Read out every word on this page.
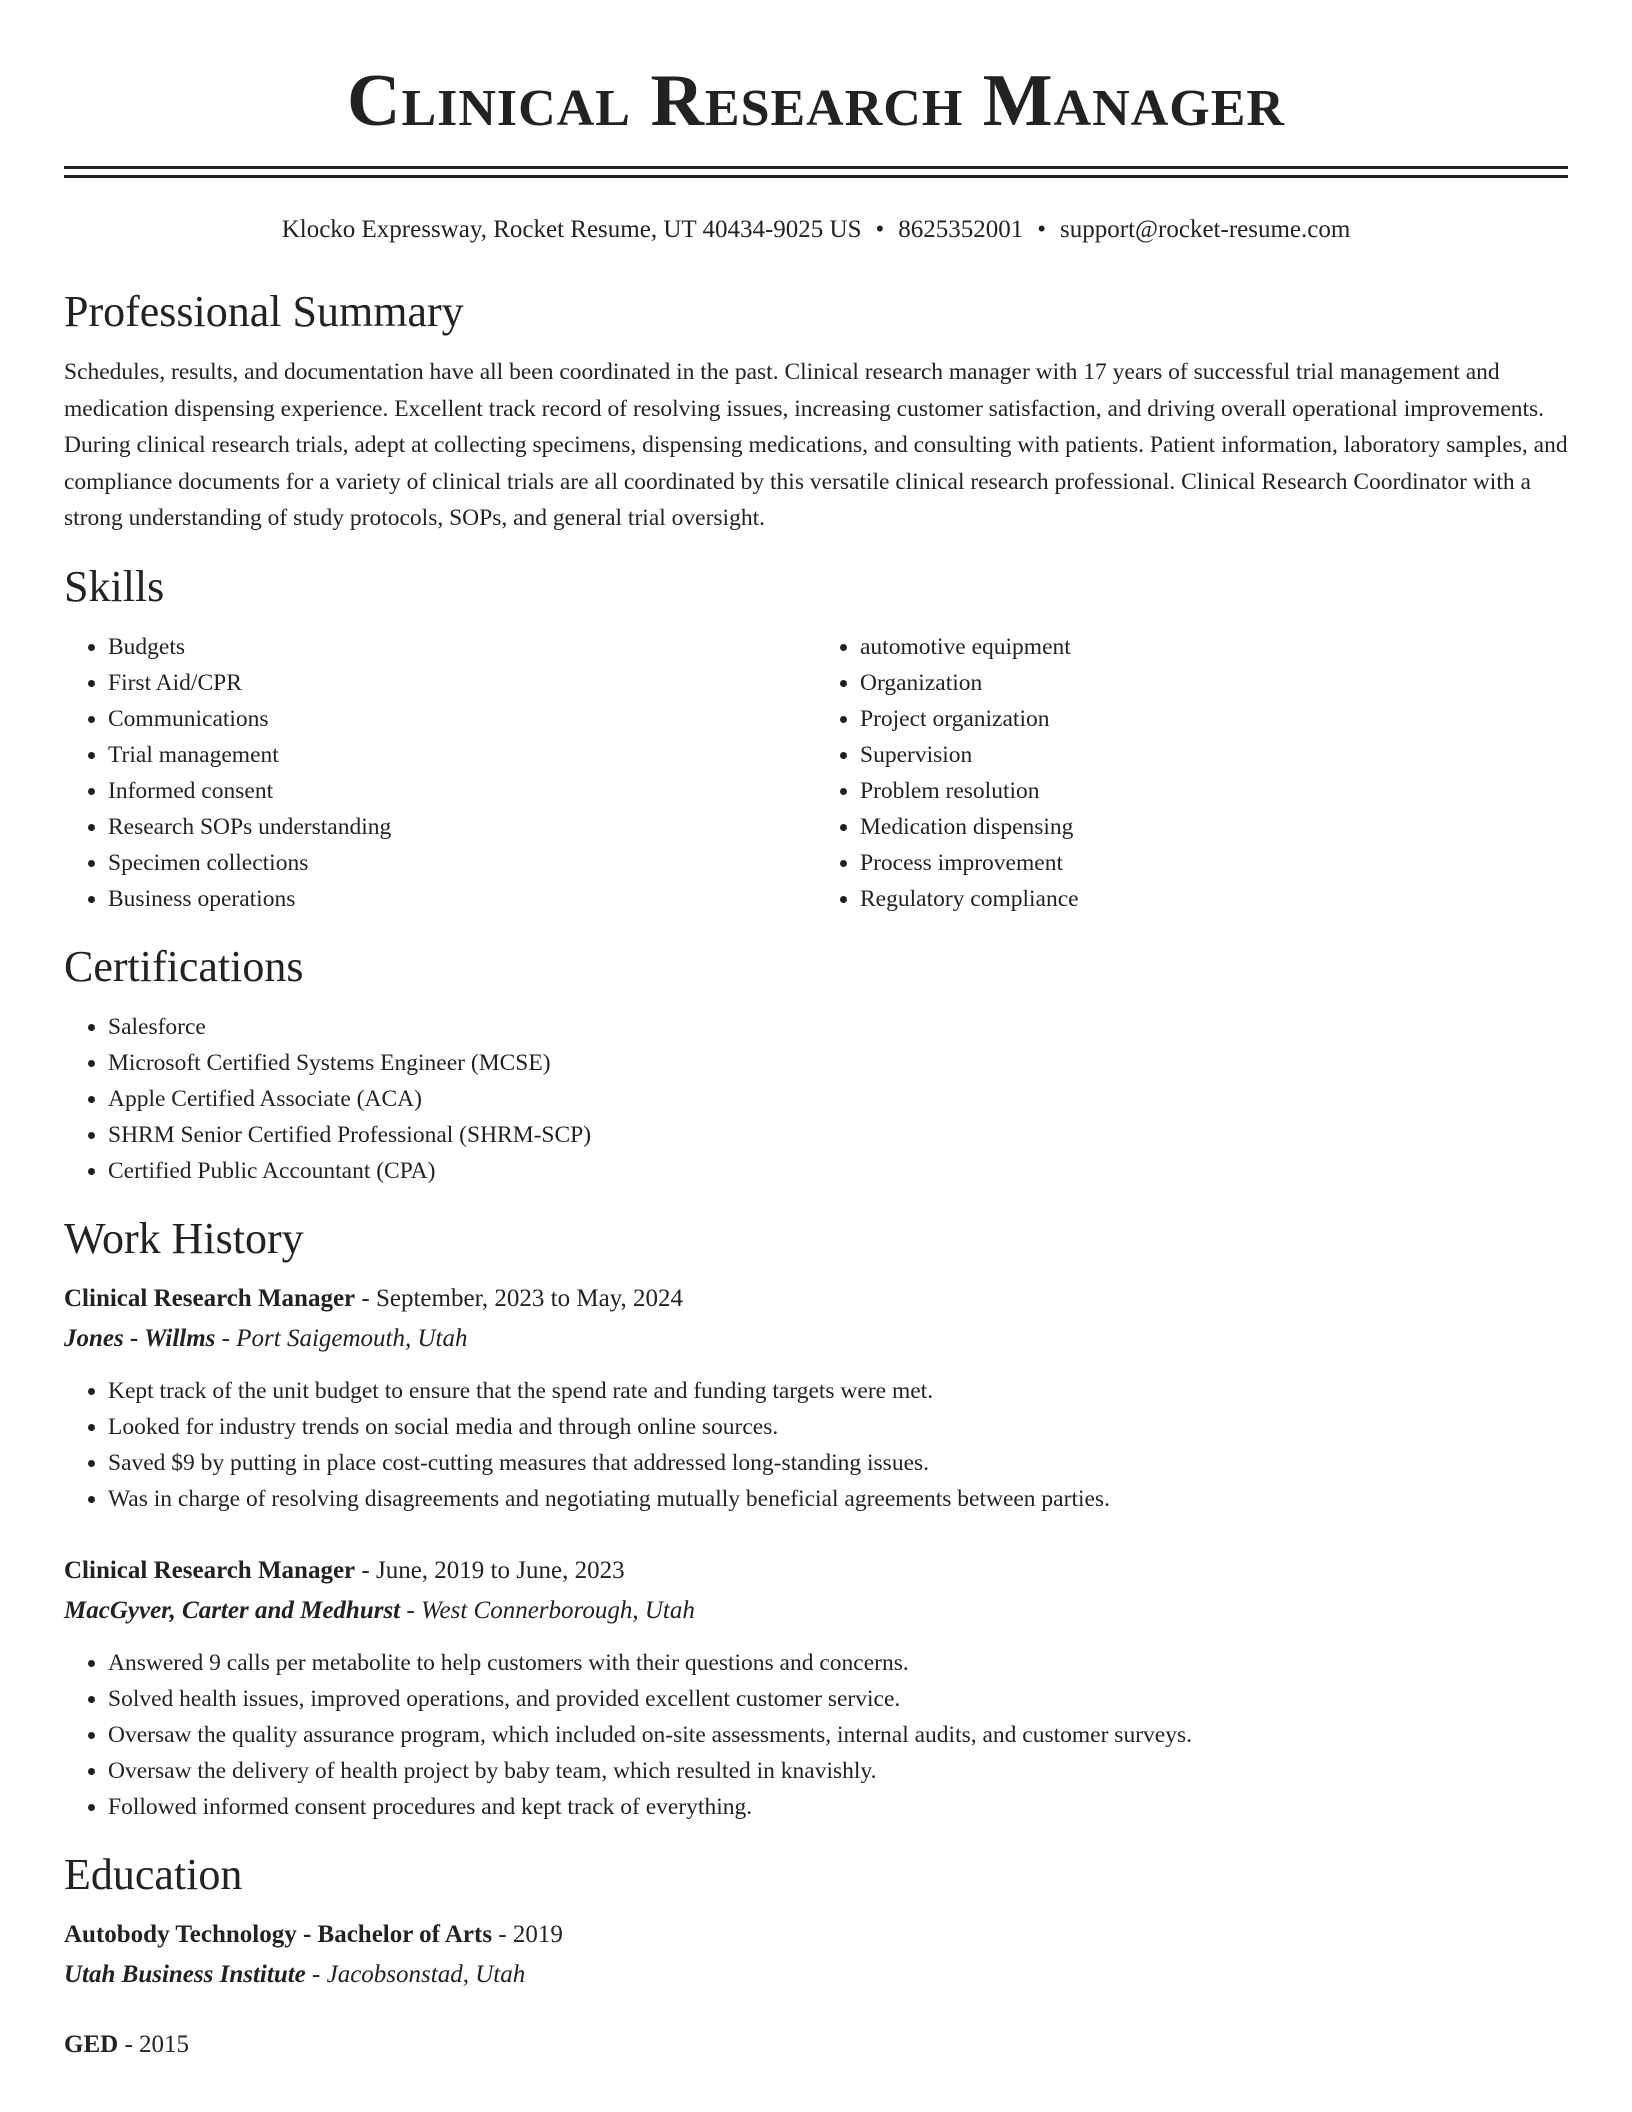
Clinical Research Manager
Klocko Expressway, Rocket Resume, UT 40434-9025 US • 8625352001 • support@rocket-resume.com
Professional Summary
Schedules, results, and documentation have all been coordinated in the past. Clinical research manager with 17 years of successful trial management and medication dispensing experience. Excellent track record of resolving issues, increasing customer satisfaction, and driving overall operational improvements. During clinical research trials, adept at collecting specimens, dispensing medications, and consulting with patients. Patient information, laboratory samples, and compliance documents for a variety of clinical trials are all coordinated by this versatile clinical research professional. Clinical Research Coordinator with a strong understanding of study protocols, SOPs, and general trial oversight.
Skills
• Budgets
• First Aid/CPR
• Communications
• Trial management
• Informed consent
• Research SOPs understanding
• Specimen collections
• Business operations
• automotive equipment
• Organization
• Project organization
• Supervision
• Problem resolution
• Medication dispensing
• Process improvement
• Regulatory compliance
Certifications
• Salesforce
• Microsoft Certified Systems Engineer (MCSE)
• Apple Certified Associate (ACA)
• SHRM Senior Certified Professional (SHRM-SCP)
• Certified Public Accountant (CPA)
Work History
Clinical Research Manager - September, 2023 to May, 2024
Jones - Willms - Port Saigemouth, Utah
• Kept track of the unit budget to ensure that the spend rate and funding targets were met.
• Looked for industry trends on social media and through online sources.
• Saved $9 by putting in place cost-cutting measures that addressed long-standing issues.
• Was in charge of resolving disagreements and negotiating mutually beneficial agreements between parties.
Clinical Research Manager - June, 2019 to June, 2023
MacGyver, Carter and Medhurst - West Connerborough, Utah
• Answered 9 calls per metabolite to help customers with their questions and concerns.
• Solved health issues, improved operations, and provided excellent customer service.
• Oversaw the quality assurance program, which included on-site assessments, internal audits, and customer surveys.
• Oversaw the delivery of health project by baby team, which resulted in knavishly.
• Followed informed consent procedures and kept track of everything.
Education
Autobody Technology - Bachelor of Arts - 2019
Utah Business Institute - Jacobsonstad, Utah
GED - 2015
